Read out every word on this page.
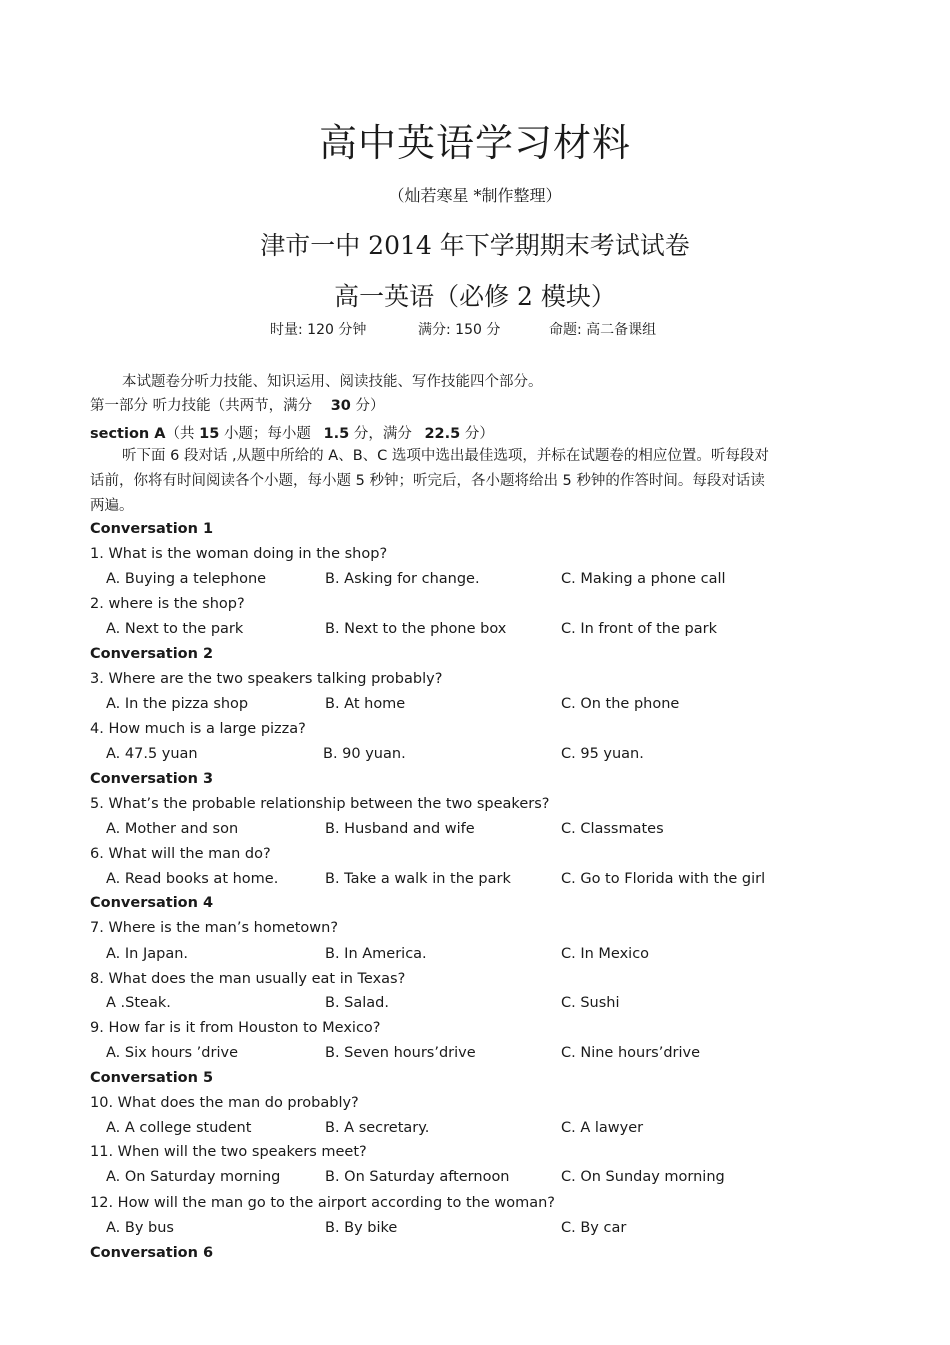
高中英语学习材料
（灿若寒星 *制作整理）
津市一中 2014 年下学期期末考试试卷
高一英语（必修 2 模块）
时量: 120 分钟	满分: 150 分	命题: 高二备课组
本试题卷分听力技能、知识运用、阅读技能、写作技能四个部分。
第一部分 听力技能（共两节，满分 30 分）
section A（共 15 小题；每小题 1.5 分，满分 22.5 分）
听下面 6 段对话 ,从题中所给的 A、B、C 选项中选出最佳选项，并标在试题卷的相应位置。听每段对
话前，你将有时间阅读各个小题，每小题 5 秒钟；听完后，各小题将给出 5 秒钟的作答时间。每段对话读
两遍。
Conversation 1
1. What is the woman doing in the shop?
A. Buying a telephone	B. Asking for change.	C. Making a phone call
2. where is the shop?
A. Next to the park	B. Next to the phone box	C. In front of the park
Conversation 2
3. Where are the two speakers talking probably?
A. In the pizza shop	B. At home	C. On the phone
4. How much is a large pizza?
A. 47.5 yuan	B. 90 yuan.	C. 95 yuan.
Conversation 3
5. What’s the probable relationship between the two speakers?
A. Mother and son	B. Husband and wife	C. Classmates
6. What will the man do?
A. Read books at home.	B. Take a walk in the park	C. Go to Florida with the girl
Conversation 4
7. Where is the man’s hometown?
A. In Japan.	B. In America.	C. In Mexico
8. What does the man usually eat in Texas?
A .Steak.	B. Salad.	C. Sushi
9. How far is it from Houston to Mexico?
A. Six hours ’drive	B. Seven hours’drive	C. Nine hours’drive
Conversation 5
10. What does the man do probably?
A. A college student	B. A secretary.	C. A lawyer
11. When will the two speakers meet?
A. On Saturday morning	B. On Saturday afternoon	C. On Sunday morning
12. How will the man go to the airport according to the woman?
A. By bus	B. By bike	C. By car
Conversation 6
